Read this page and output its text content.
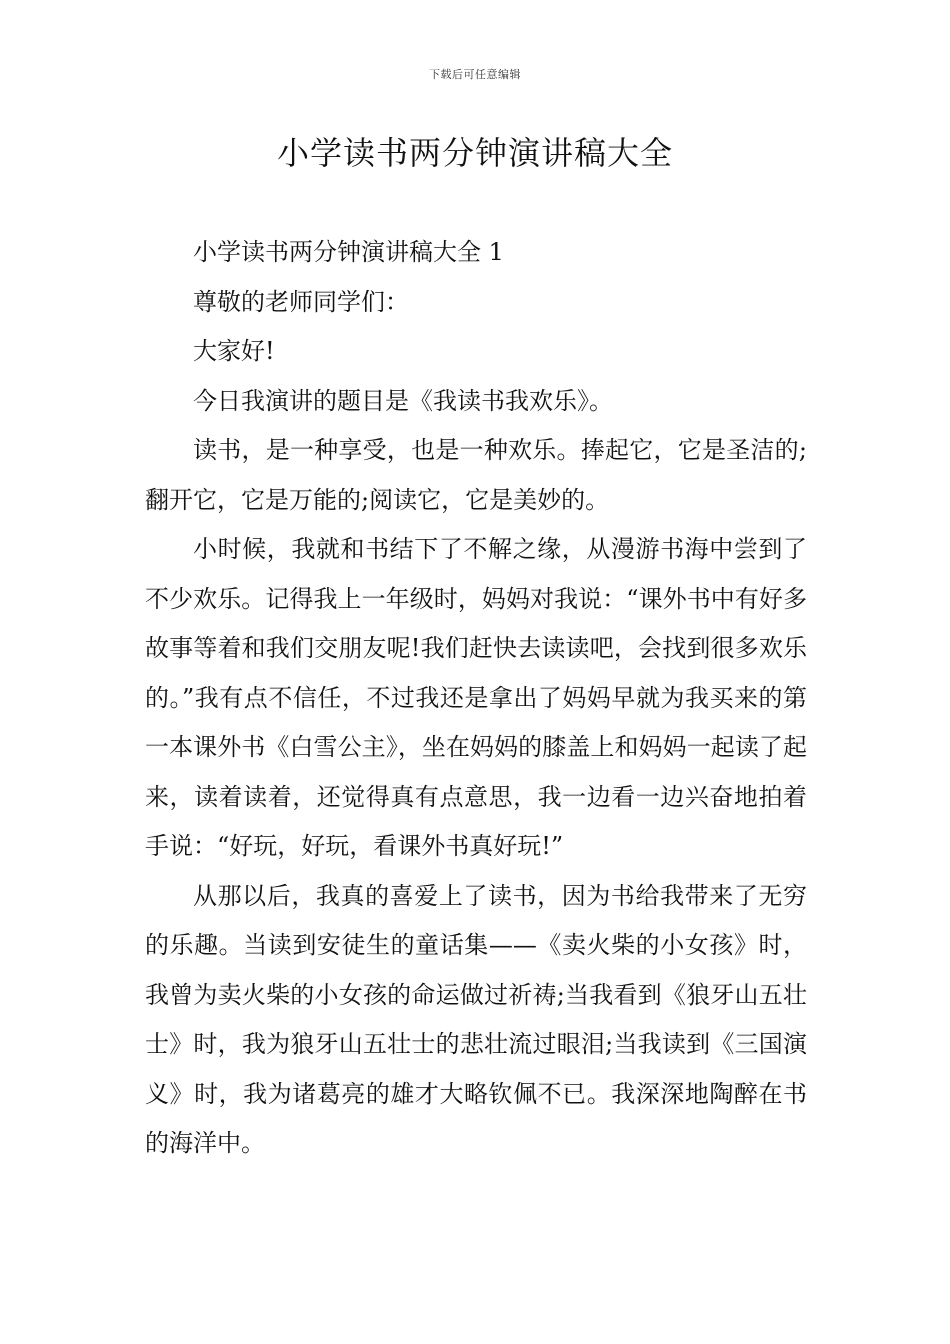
下载后可任意编辑
小学读书两分钟演讲稿大全

小学读书两分钟演讲稿大全 1

尊敬的老师同学们：

大家好!

今日我演讲的题目是《我读书我欢乐》。

读书，是一种享受，也是一种欢乐。捧起它，它是圣洁的;翻开它，它是万能的;阅读它，它是美妙的。

小时候，我就和书结下了不解之缘，从漫游书海中尝到了不少欢乐。记得我上一年级时，妈妈对我说：“课外书中有好多故事等着和我们交朋友呢!我们赶快去读读吧，会找到很多欢乐的。”我有点不信任，不过我还是拿出了妈妈早就为我买来的第一本课外书《白雪公主》，坐在妈妈的膝盖上和妈妈一起读了起来，读着读着，还觉得真有点意思，我一边看一边兴奋地拍着手说：“好玩，好玩，看课外书真好玩!”

从那以后，我真的喜爱上了读书，因为书给我带来了无穷的乐趣。当读到安徒生的童话集——《卖火柴的小女孩》时，我曾为卖火柴的小女孩的命运做过祈祷;当我看到《狼牙山五壮士》时，我为狼牙山五壮士的悲壮流过眼泪;当我读到《三国演义》时，我为诸葛亮的雄才大略钦佩不已。我深深地陶醉在书的海洋中。
